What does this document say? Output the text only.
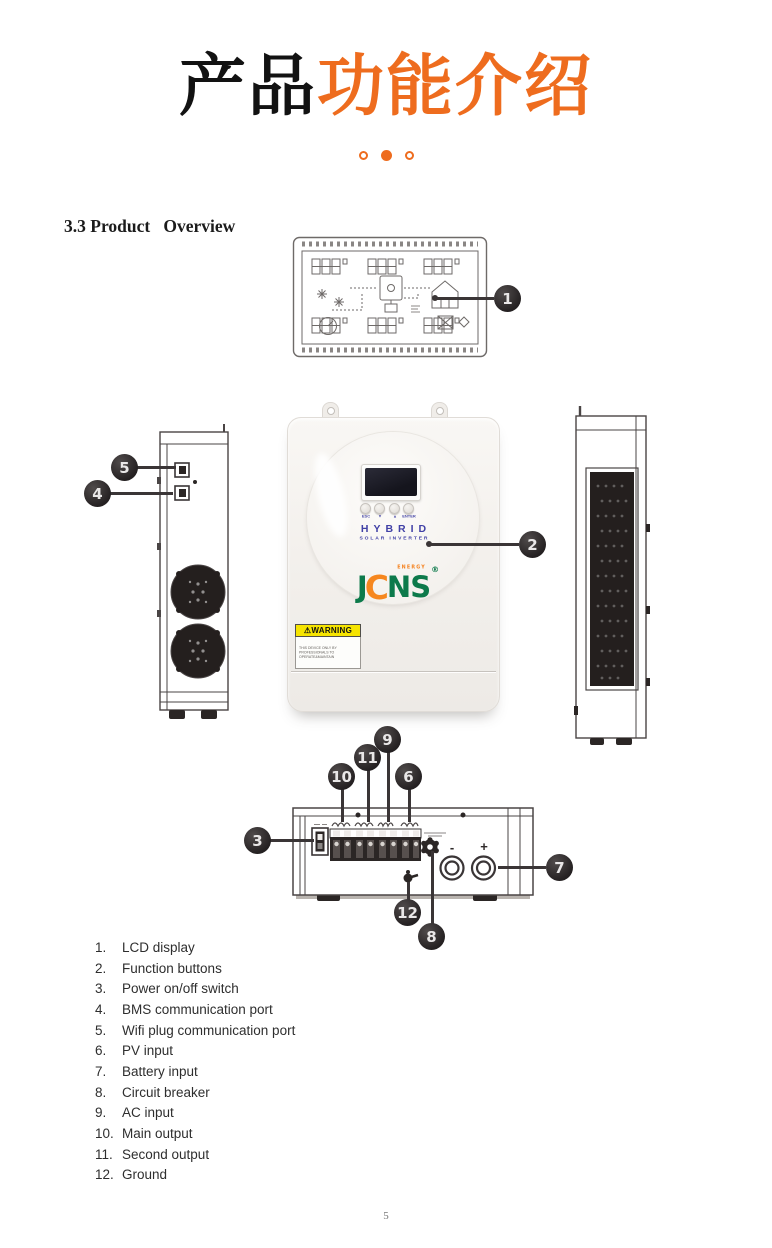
产品功能介绍
3.3 Product   Overview
ESC ▼ ▲ ENTER
HYBRID
SOLAR INVERTER
ENERGY ®
JCNS
⚠WARNING
THIS DEVICE ONLY BY
PROFESSIONALS TO
OPERATE&MAINTAIN
- +
1
2
3
4
5
6
7
8
9
10
11
12
1.	LCD display
2.	Function buttons
3.	Power on/off switch
4.	BMS communication port
5.	Wifi plug communication port
6.	PV input
7.	Battery input
8.	Circuit breaker
9.	AC input
10. Main output
11. Second output
12. Ground
5
